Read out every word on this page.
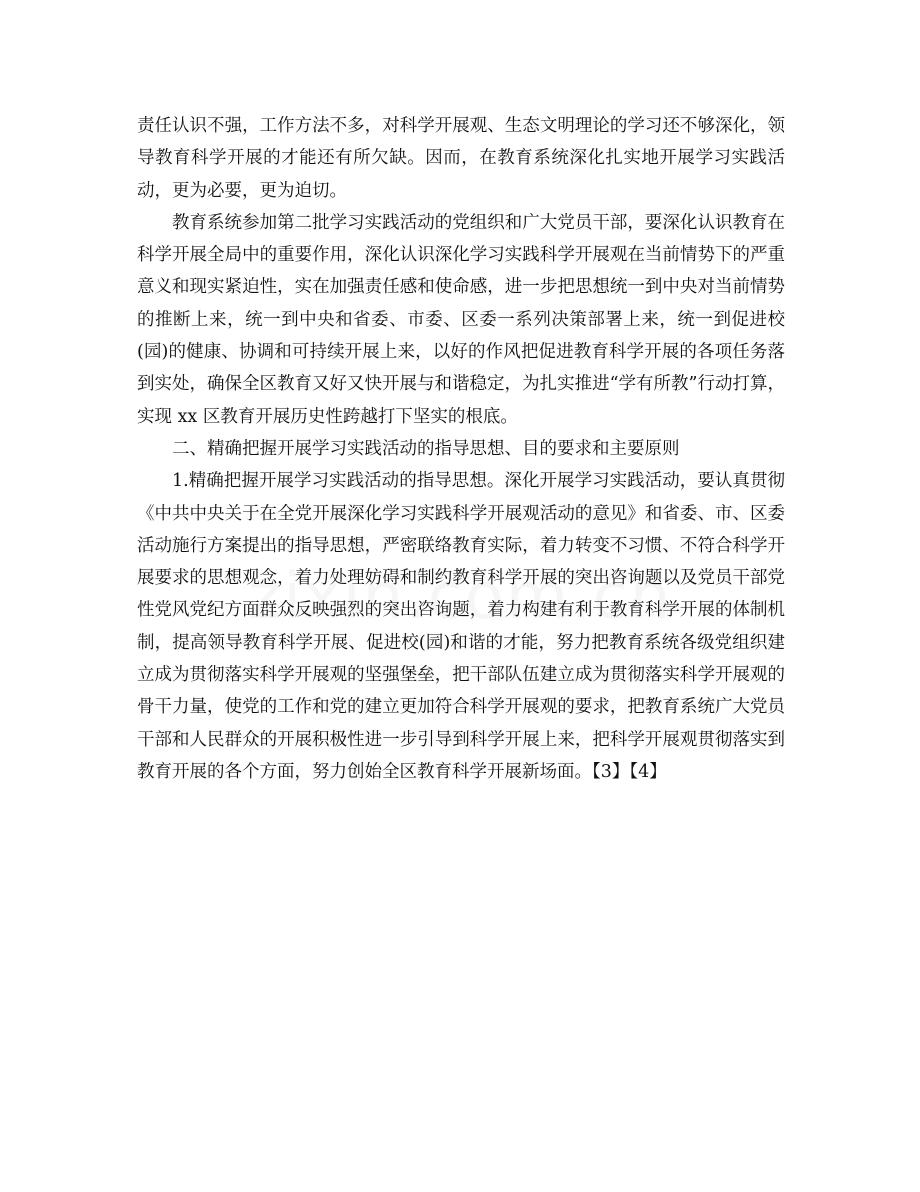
责任认识不强，工作方法不多，对科学开展观、生态文明理论的学习还不够深化，领导教育科学开展的才能还有所欠缺。因而，在教育系统深化扎实地开展学习实践活动，更为必要，更为迫切。

教育系统参加第二批学习实践活动的党组织和广大党员干部，要深化认识教育在科学开展全局中的重要作用，深化认识深化学习实践科学开展观在当前情势下的严重意义和现实紧迫性，实在加强责任感和使命感，进一步把思想统一到中央对当前情势的推断上来，统一到中央和省委、市委、区委一系列决策部署上来，统一到促进校(园)的健康、协调和可持续开展上来，以好的作风把促进教育科学开展的各项任务落到实处，确保全区教育又好又快开展与和谐稳定，为扎实推进“学有所教”行动打算，实现 xx 区教育开展历史性跨越打下坚实的根底。

二、精确把握开展学习实践活动的指导思想、目的要求和主要原则

1.精确把握开展学习实践活动的指导思想。深化开展学习实践活动，要认真贯彻《中共中央关于在全党开展深化学习实践科学开展观活动的意见》和省委、市、区委活动施行方案提出的指导思想，严密联络教育实际，着力转变不习惯、不符合科学开展要求的思想观念，着力处理妨碍和制约教育科学开展的突出咨询题以及党员干部党性党风党纪方面群众反映强烈的突出咨询题，着力构建有利于教育科学开展的体制机制，提高领导教育科学开展、促进校(园)和谐的才能，努力把教育系统各级党组织建立成为贯彻落实科学开展观的坚强堡垒，把干部队伍建立成为贯彻落实科学开展观的骨干力量，使党的工作和党的建立更加符合科学开展观的要求，把教育系统广大党员干部和人民群众的开展积极性进一步引导到科学开展上来，把科学开展观贯彻落实到教育开展的各个方面，努力创始全区教育科学开展新场面。【3】【4】
